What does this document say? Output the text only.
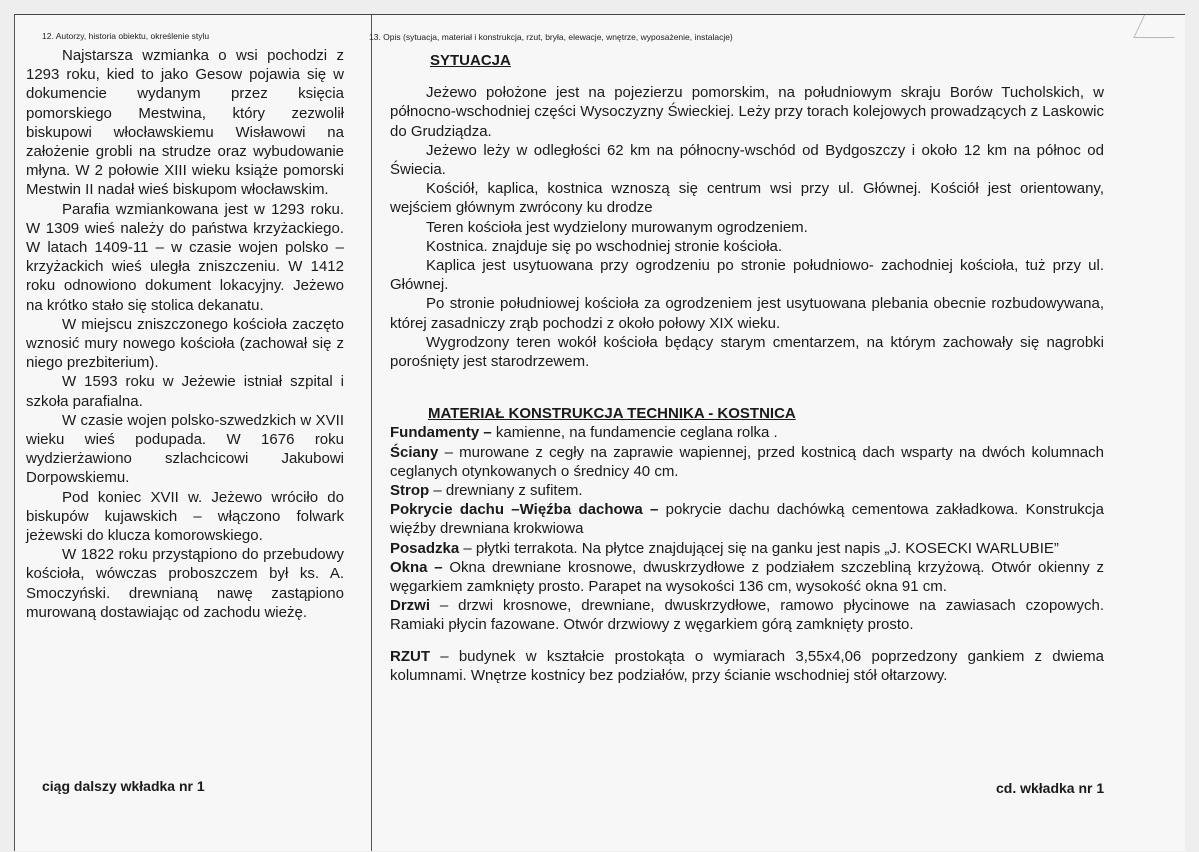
12. Autorzy, historia obiektu, określenie stylu	13. Opis (sytuacja, materiał i konstrukcja, rzut, bryła, elewacje, wnętrze, wyposażenie, instalacje)

Najstarsza wzmianka o wsi pochodzi z 1293 roku, kied to jako Gesow pojawia się w dokumencie wydanym przez księcia pomorskiego Mestwina, który zezwolił biskupowi włocławskiemu Wisławowi na założenie grobli na strudze oraz wybudowanie młyna. W 2 połowie XIII wieku książe pomorski Mestwin II nadał wieś biskupom włocławskim.

Parafia wzmiankowana jest w 1293 roku. W 1309 wieś należy do państwa krzyżackiego. W latach 1409-11 – w czasie wojen polsko – krzyżackich wieś uległa zniszczeniu. W 1412 roku odnowiono dokument lokacyjny. Jeżewo na krótko stało się stolica dekanatu.

W miejscu zniszczonego kościoła zaczęto wznosić mury nowego kościoła (zachował się z niego prezbiterium).

W 1593 roku w Jeżewie istniał szpital i szkoła parafialna.

W czasie wojen polsko-szwedzkich w XVII wieku wieś podupada. W 1676 roku wydzierżawiono szlachcicowi Jakubowi Dorpowskiemu.

Pod koniec XVII w. Jeżewo wróciło do biskupów kujawskich – włączono folwark jeżewski do klucza komorowskiego.

W 1822 roku przystąpiono do przebudowy kościoła, wówczas proboszczem był ks. A. Smoczyński. drewnianą nawę zastąpiono murowaną dostawiając od zachodu wieżę.

ciąg dalszy wkładka nr 1

SYTUACJA

Jeżewo położone jest na pojezierzu pomorskim, na południowym skraju Borów Tucholskich, w północno-wschodniej części Wysoczyzny Świeckiej. Leży przy torach kolejowych prowadzących z Laskowic do Grudziądza.

Jeżewo leży w odległości 62 km na północny-wschód od Bydgoszczy i około 12 km na północ od Świecia.

Kościół, kaplica, kostnica wznoszą się centrum wsi przy ul. Głównej. Kościół jest orientowany, wejściem głównym zwrócony ku drodze

Teren kościoła jest wydzielony murowanym ogrodzeniem.

Kostnica. znajduje się po wschodniej stronie kościoła.

Kaplica jest usytuowana przy ogrodzeniu po stronie południowo- zachodniej kościoła, tuż przy ul. Głównej.

Po stronie południowej kościoła za ogrodzeniem jest usytuowana plebania obecnie rozbudowywana, której zasadniczy zrąb pochodzi z około połowy XIX wieku.

Wygrodzony teren wokół kościoła będący starym cmentarzem, na którym zachowały się nagrobki porośnięty jest starodrzewem.

MATERIAŁ KONSTRUKCJA TECHNIKA - KOSTNICA

Fundamenty – kamienne, na fundamencie ceglana rolka .

Ściany – murowane z cegły na zaprawie wapiennej, przed kostnicą dach wsparty na dwóch kolumnach ceglanych otynkowanych o średnicy 40 cm.

Strop – drewniany z sufitem.

Pokrycie dachu –Więźba dachowa – pokrycie dachu dachówką cementowa zakładkowa. Konstrukcja więźby drewniana krokwiowa

Posadzka – płytki terrakota. Na płytce znajdującej się na ganku jest napis „J. KOSECKI WARLUBIE”

Okna – Okna drewniane krosnowe, dwuskrzydłowe z podziałem szczebliną krzyżową. Otwór okienny z węgarkiem zamknięty prosto. Parapet na wysokości 136 cm, wysokość okna 91 cm.

Drzwi – drzwi krosnowe, drewniane, dwuskrzydłowe, ramowo płycinowe na zawiasach czopowych. Ramiaki płycin fazowane. Otwór drzwiowy z węgarkiem górą zamknięty prosto.

RZUT – budynek w kształcie prostokąta o wymiarach 3,55x4,06 poprzedzony gankiem z dwiema kolumnami. Wnętrze kostnicy bez podziałów, przy ścianie wschodniej stół ołtarzowy.

cd. wkładka nr 1
